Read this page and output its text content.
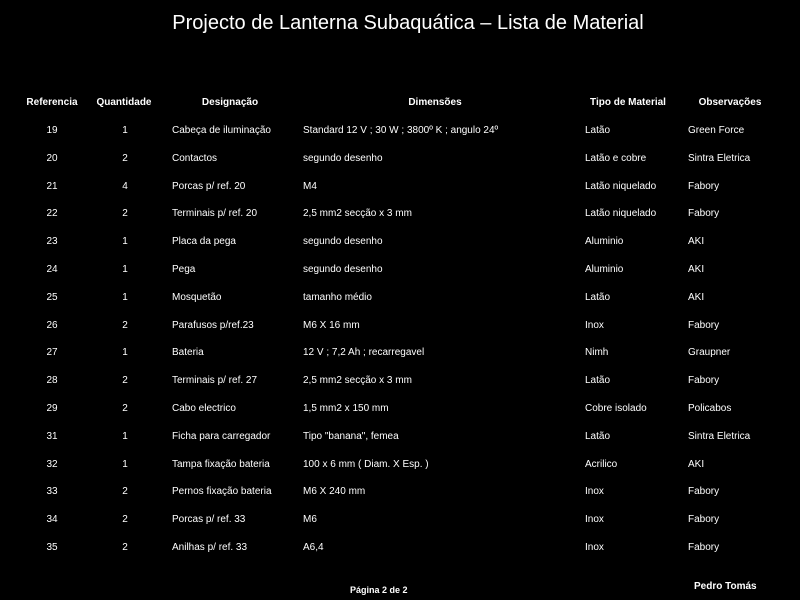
Projecto de Lanterna Subaquática – Lista de Material
Referencia	Quantidade	Designação	Dimensões	Tipo de Material	Observações
19	1	Cabeça de iluminação	Standard 12 V ; 30 W ; 3800º K ; angulo 24º	Latão	Green Force
20	2	Contactos	segundo desenho	Latão e cobre	Sintra Eletrica
21	4	Porcas p/ ref. 20	M4	Latão niquelado	Fabory
22	2	Terminais p/ ref. 20	2,5 mm2 secção x 3 mm	Latão niquelado	Fabory
23	1	Placa da pega	segundo desenho	Aluminio	AKI
24	1	Pega	segundo desenho	Aluminio	AKI
25	1	Mosquetão	tamanho médio	Latão	AKI
26	2	Parafusos p/ref.23	M6 X 16 mm	Inox	Fabory
27	1	Bateria	12 V ; 7,2 Ah ; recarregavel	Nimh	Graupner
28	2	Terminais p/ ref. 27	2,5 mm2 secção x 3 mm	Latão	Fabory
29	2	Cabo electrico	1,5 mm2 x 150 mm	Cobre isolado	Policabos
31	1	Ficha para carregador	Tipo "banana", femea	Latão	Sintra Eletrica
32	1	Tampa fixação bateria	100 x 6 mm ( Diam. X Esp. )	Acrilico	AKI
33	2	Pernos fixação bateria	M6 X 240 mm	Inox	Fabory
34	2	Porcas p/ ref. 33	M6	Inox	Fabory
35	2	Anilhas p/ ref. 33	A6,4	Inox	Fabory
Página 2 de 2	Pedro Tomás
